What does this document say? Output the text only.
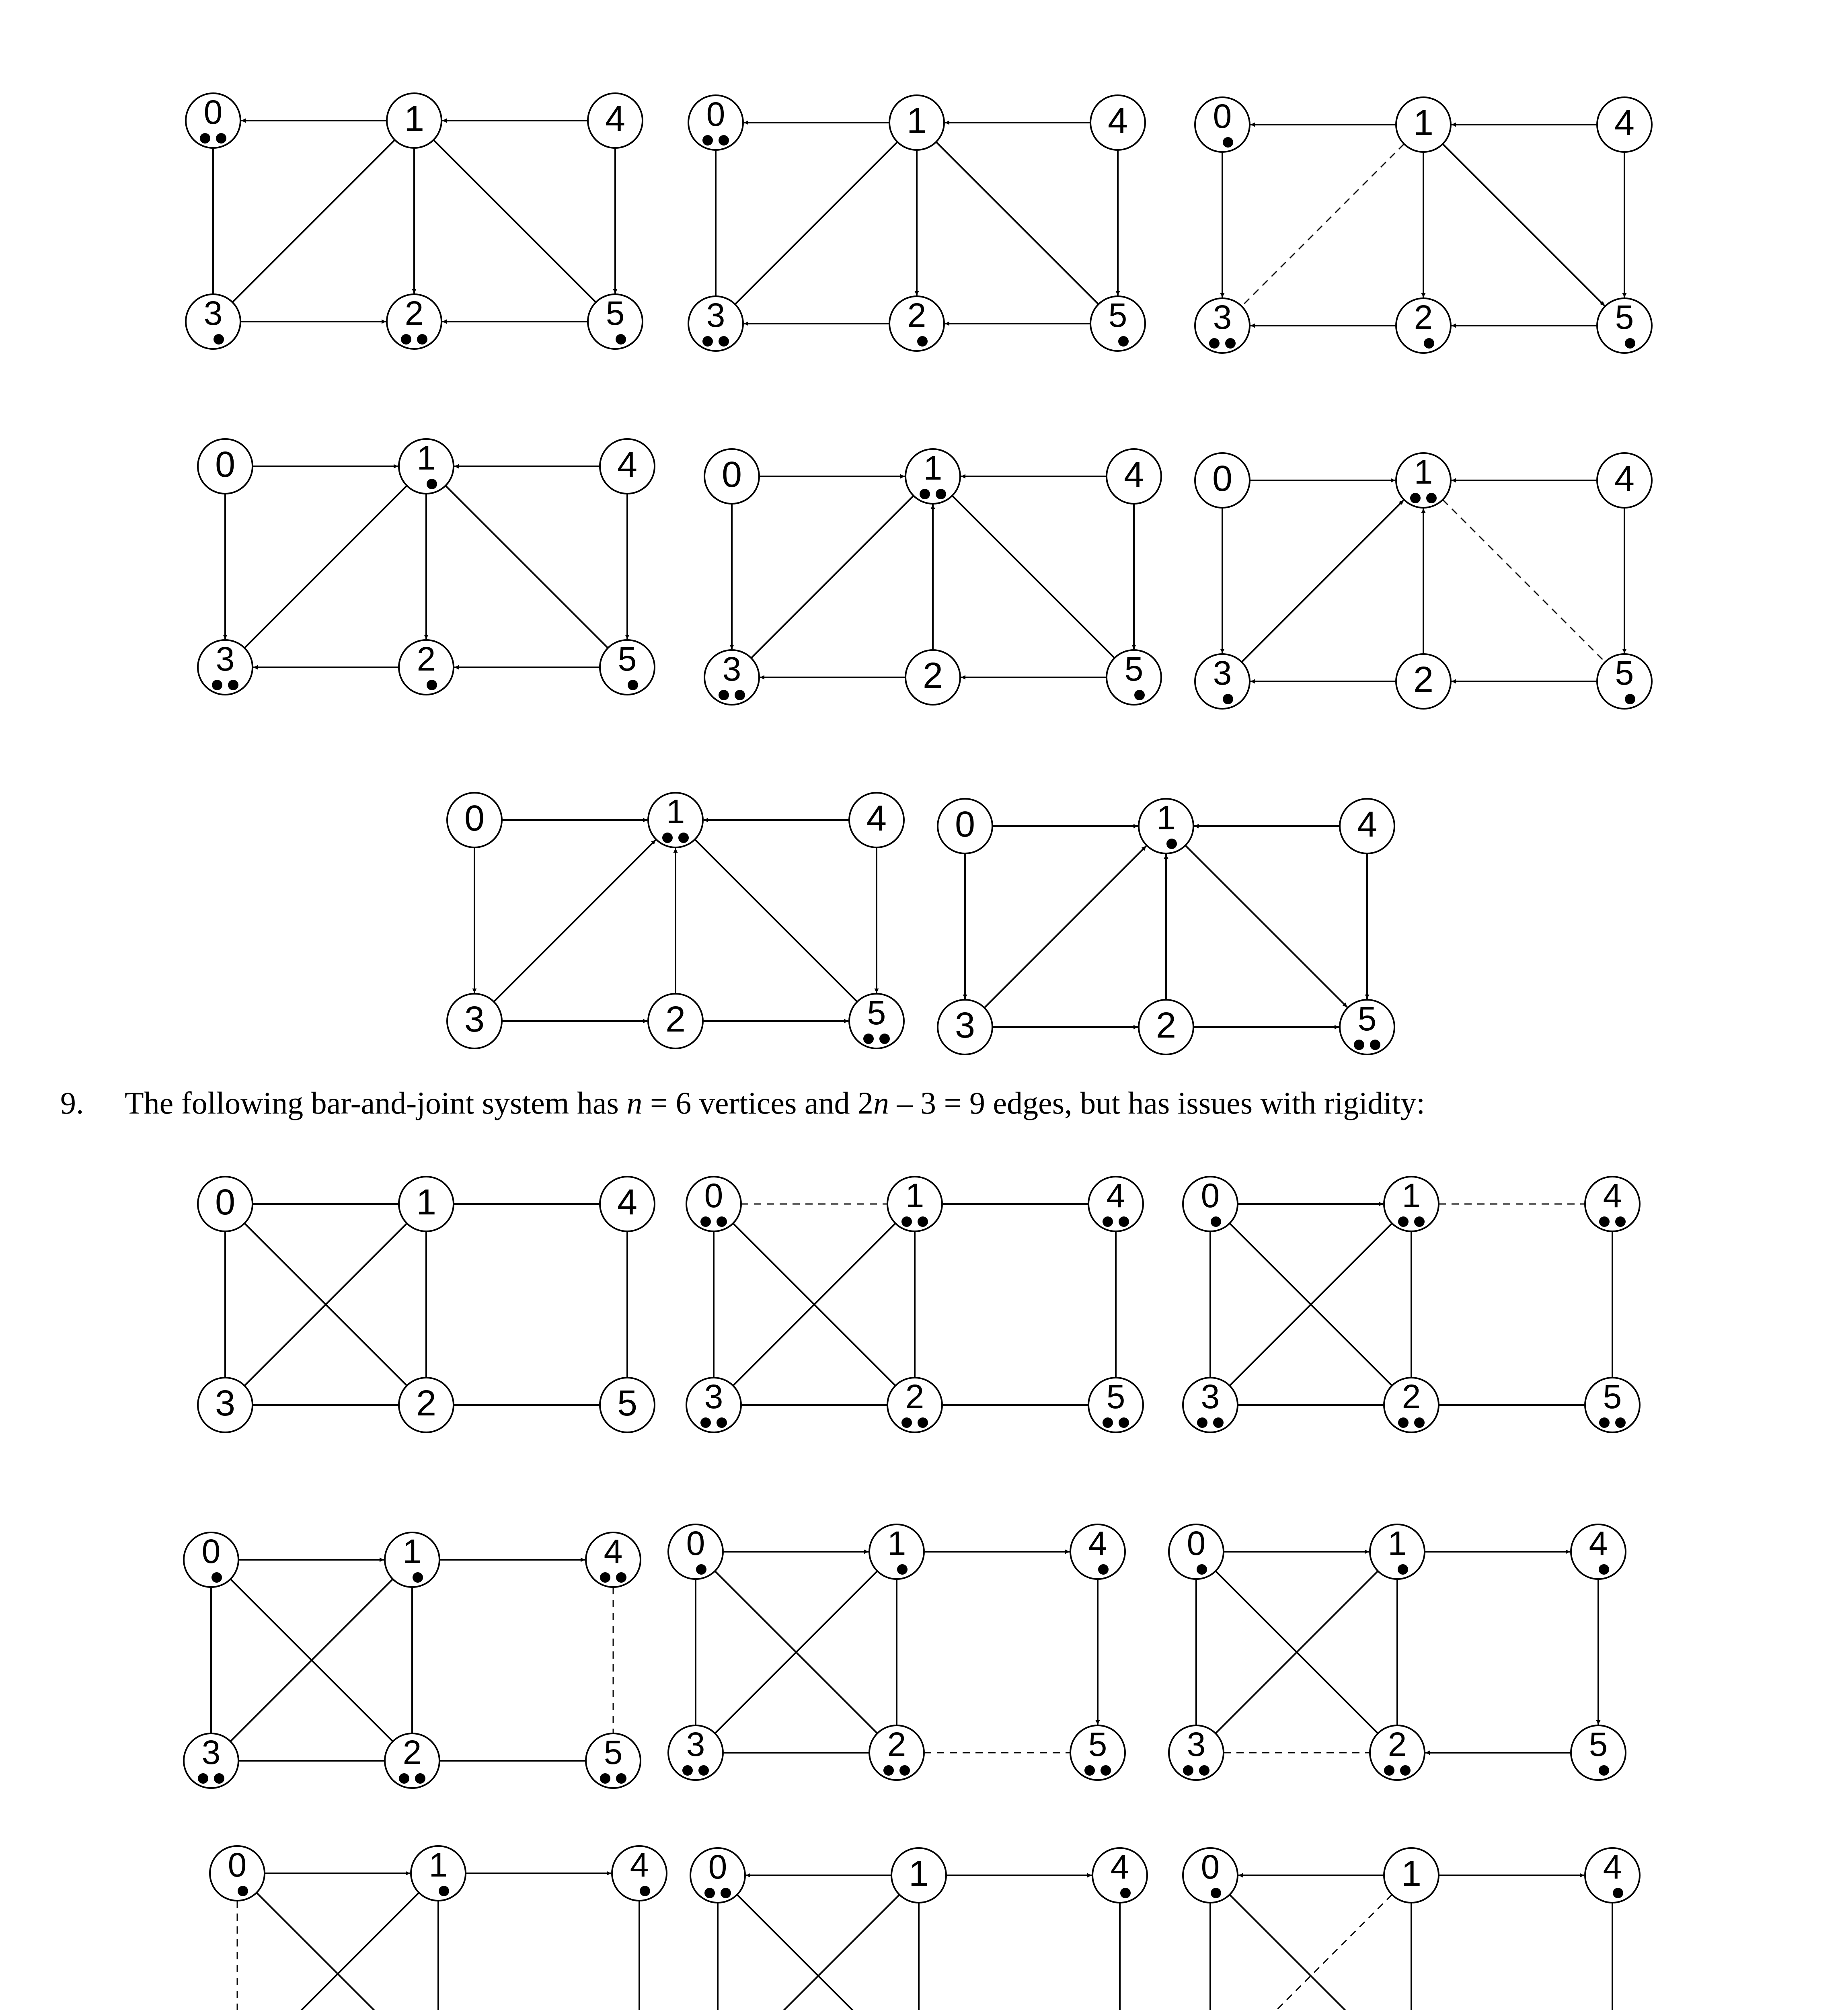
0	1
2
3
4
5
0	1
2
3
4
5
0	1
2
3
4
5
0	1
2
3
4
5
0	1
2
3
4
5
0	1
2
3
4
5
0	1
2
3
4
5
0	1
2
3
4
5
0	1
2
3
4
5
0	1
2
3
4
5
0	1
2
3
4
5
0	1
2
3
4
5
0	1
2
3
4
5
0	1
2
3
4
5
0	1	4 0	1	4 0	1	4
9. The following bar-and-joint system has n = 6 vertices and 2n – 3 = 9 edges, but has issues with rigidity:
